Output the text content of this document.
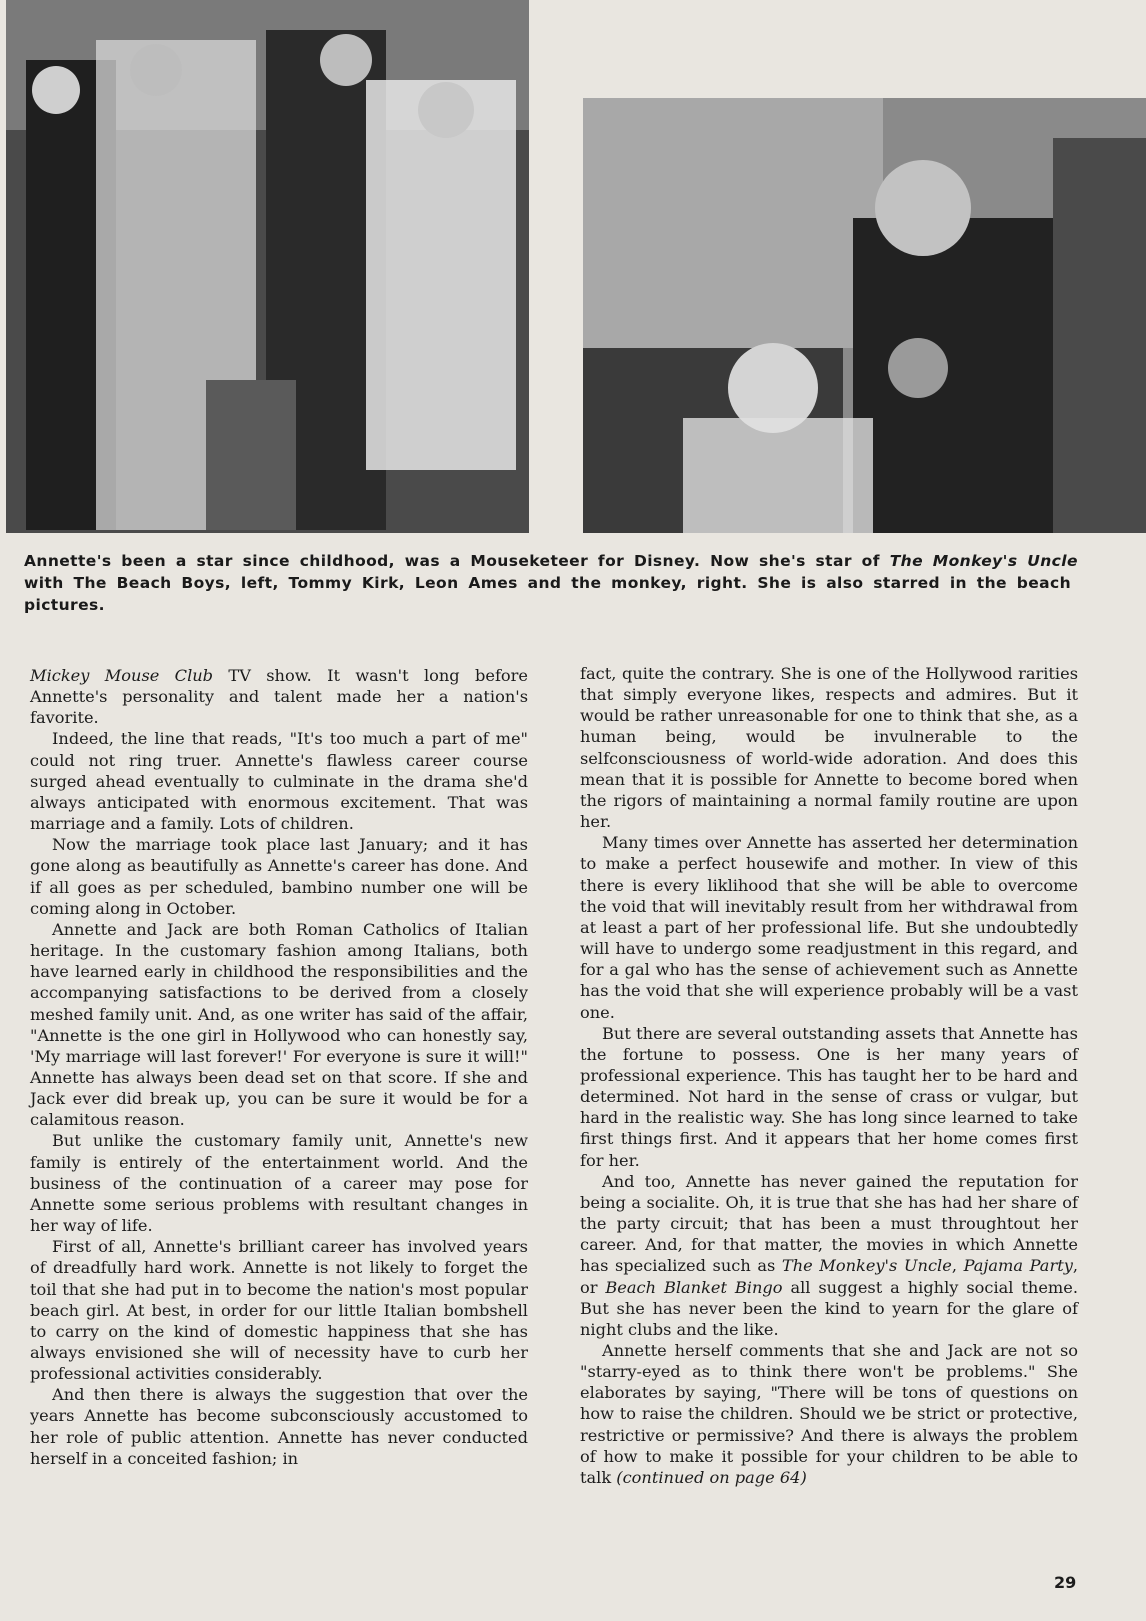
Annette's been a star since childhood, was a Mouseketeer for Disney. Now she's star of The Monkey's Uncle with The Beach Boys, left, Tommy Kirk, Leon Ames and the monkey, right. She is also starred in the beach pictures.

Mickey Mouse Club TV show. It wasn't long before Annette's personality and talent made her a nation's favorite.

Indeed, the line that reads, "It's too much a part of me" could not ring truer. Annette's flawless career course surged ahead eventually to culminate in the drama she'd always anticipated with enormous excitement. That was marriage and a family. Lots of children.

Now the marriage took place last January; and it has gone along as beautifully as Annette's career has done. And if all goes as per scheduled, bambino number one will be coming along in October.

Annette and Jack are both Roman Catholics of Italian heritage. In the customary fashion among Italians, both have learned early in childhood the responsibilities and the accompanying satisfactions to be derived from a closely meshed family unit. And, as one writer has said of the affair, "Annette is the one girl in Hollywood who can honestly say, 'My marriage will last forever!' For everyone is sure it will!" Annette has always been dead set on that score. If she and Jack ever did break up, you can be sure it would be for a calamitous reason.

But unlike the customary family unit, Annette's new family is entirely of the entertainment world. And the business of the continuation of a career may pose for Annette some serious problems with resultant changes in her way of life.

First of all, Annette's brilliant career has involved years of dreadfully hard work. Annette is not likely to forget the toil that she had put in to become the nation's most popular beach girl. At best, in order for our little Italian bombshell to carry on the kind of domestic happiness that she has always envisioned she will of necessity have to curb her professional activities considerably.

And then there is always the suggestion that over the years Annette has become subconsciously accustomed to her role of public attention. Annette has never conducted herself in a conceited fashion; in

fact, quite the contrary. She is one of the Hollywood rarities that simply everyone likes, respects and admires. But it would be rather unreasonable for one to think that she, as a human being, would be invulnerable to the selfconsciousness of world-wide adoration. And does this mean that it is possible for Annette to become bored when the rigors of maintaining a normal family routine are upon her.

Many times over Annette has asserted her determination to make a perfect housewife and mother. In view of this there is every liklihood that she will be able to overcome the void that will inevitably result from her withdrawal from at least a part of her professional life. But she undoubtedly will have to undergo some readjustment in this regard, and for a gal who has the sense of achievement such as Annette has the void that she will experience probably will be a vast one.

But there are several outstanding assets that Annette has the fortune to possess. One is her many years of professional experience. This has taught her to be hard and determined. Not hard in the sense of crass or vulgar, but hard in the realistic way. She has long since learned to take first things first. And it appears that her home comes first for her.

And too, Annette has never gained the reputation for being a socialite. Oh, it is true that she has had her share of the party circuit; that has been a must throughtout her career. And, for that matter, the movies in which Annette has specialized such as The Monkey's Uncle, Pajama Party, or Beach Blanket Bingo all suggest a highly social theme. But she has never been the kind to yearn for the glare of night clubs and the like.

Annette herself comments that she and Jack are not so "starry-eyed as to think there won't be problems." She elaborates by saying, "There will be tons of questions on how to raise the children. Should we be strict or protective, restrictive or permissive? And there is always the problem of how to make it possible for your children to be able to talk (continued on page 64)

29
